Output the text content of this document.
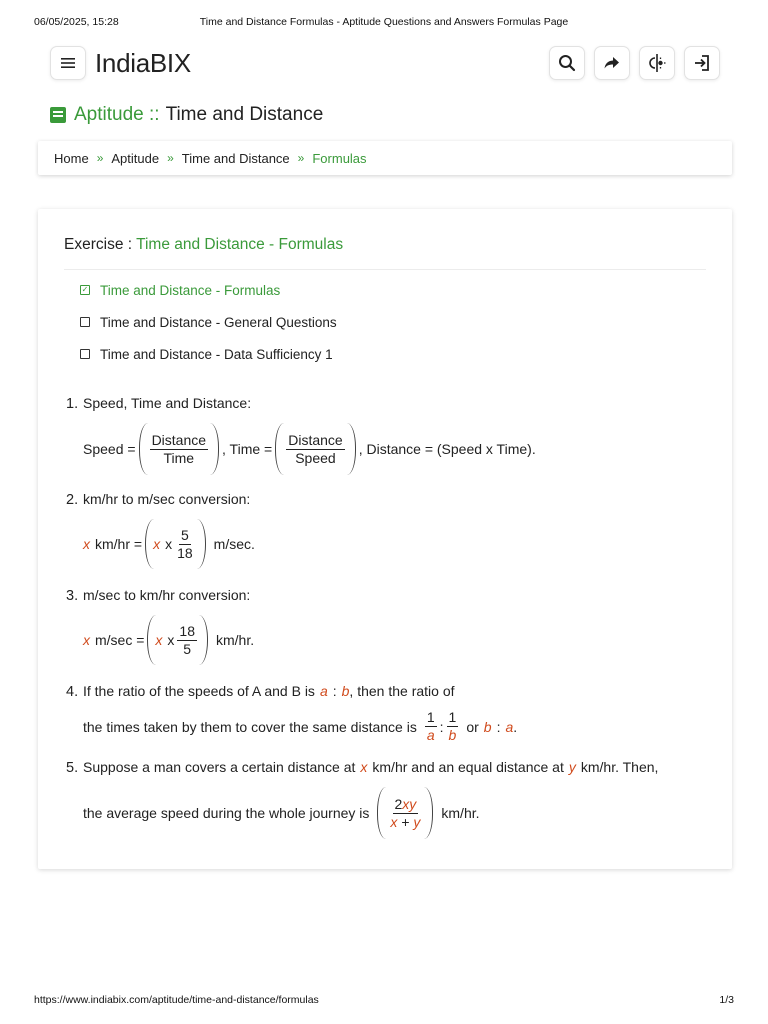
06/05/2025, 15:28	Time and Distance Formulas - Aptitude Questions and Answers Formulas Page
IndiaBIX
Aptitude :: Time and Distance
Home » Aptitude » Time and Distance » Formulas
Exercise : Time and Distance - Formulas
✓ Time and Distance - Formulas
Time and Distance - General Questions
Time and Distance - Data Sufficiency 1
1. Speed, Time and Distance:
Speed = $\frac{\text{Distance}}{\text{Time}}$ , Time = $\frac{\text{Distance}}{\text{Speed}}$ , Distance = (Speed x Time).
2. km/hr to m/sec conversion:
x km/hr = x x $\frac{5}{18} m/\sec$.
3. m/sec to km/hr conversion:
x m/sec = x x $\frac{18}{5} km/hr$.
4. If the ratio of the speeds of A and B is a : b , then the ratio of
the times taken by them to cover the same distance is $\frac{1}{a}$ : $\frac{1}{b}$ or b : a .
5. Suppose a man covers a certain distance at x km/hr and an equal distance at y km/hr. Then,
the average speed during the whole journey is $\frac{2xy}{x + y} km/hr$.
https://www.indiabix.com/aptitude/time-and-distance/formulas	1/3
